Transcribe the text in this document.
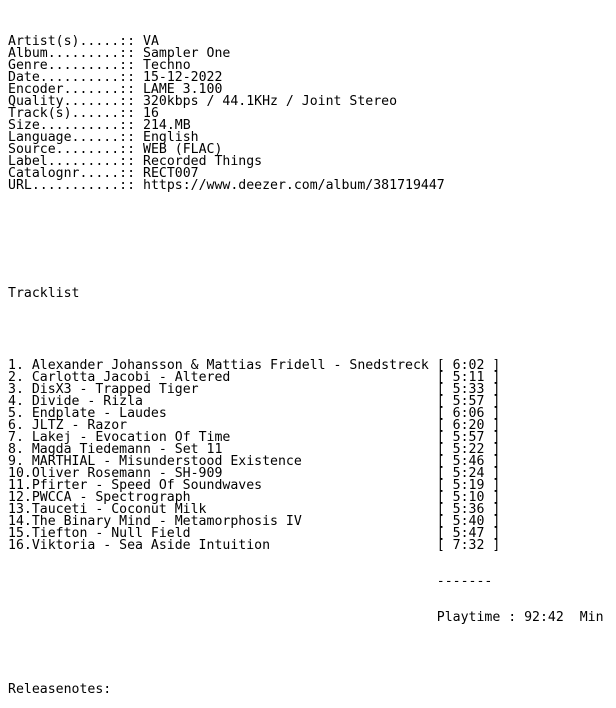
Artist(s).....:: VA
Album.........:: Sampler One
Genre.........:: Techno
Date..........:: 15-12-2022
Encoder.......:: LAME 3.100
Quality.......:: 320kbps / 44.1KHz / Joint Stereo
Track(s)......:: 16
Size..........:: 214.MB
Language......:: English
Source........:: WEB (FLAC)
Label.........:: Recorded Things
Catalognr.....:: RECT007
URL...........:: https://www.deezer.com/album/381719447

Tracklist

1. Alexander Johansson & Mattias Fridell - Snedstreck [ 6:02 ]
2. Carlotta Jacobi - Altered	[ 5:11 ]
3. DisX3 - Trapped Tiger	[ 5:33 ]
4. Divide - Rizla	[ 5:57 ]
5. Endplate - Laudes	[ 6:06 ]
6. JLTZ - Razor	[ 6:20 ]
7. Lakej - Evocation Of Time	[ 5:57 ]
8. Magda Tiedemann - Set 11	[ 5:22 ]
9. MARTHIAL - Misunderstood Existence	[ 5:46 ]
10.Oliver Rosemann - SH-909	[ 5:24 ]
11.Pfirter - Speed Of Soundwaves	[ 5:19 ]
12.PWCCA - Spectrograph	[ 5:10 ]
13.Tauceti - Coconut Milk	[ 5:36 ]
14.The Binary Mind - Metamorphosis IV	[ 5:40 ]
15.Tiefton - Null Field	[ 5:47 ]
16.Viktoria - Sea Aside Intuition	[ 7:32 ]

-------

Playtime : 92:42 Min

Releasenotes:
